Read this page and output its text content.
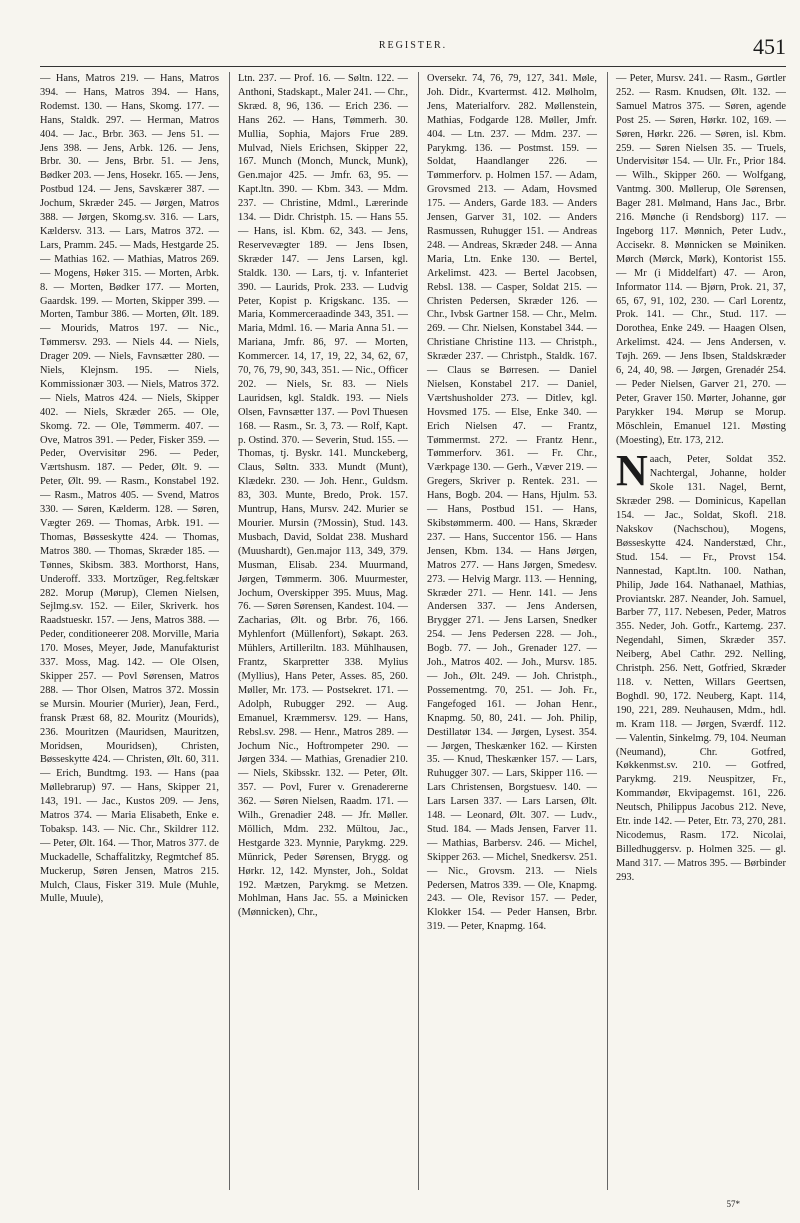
REGISTER.	451

— Hans, Matros 219. — Hans, Matros 394. — Hans, Matros 394. — Hans, Rodemst. 130. — Hans, Skomg. 177. — Hans, Staldk. 297. — Herman, Matros 404. — Jac., Brbr. 363. — Jens 51. — Jens 398. — Jens, Arbk. 126. — Jens, Brbr. 30. — Jens, Brbr. 51. — Jens, Bødker 203. — Jens, Hosekr. 165. — Jens, Postbud 124. — Jens, Savskærer 387. — Jochum, Skræder 245. — Jørgen, Matros 388. — Jørgen, Skomg.sv. 316. — Lars, Kældersv. 313. — Lars, Matros 372. — Lars, Pramm. 245. — Mads, Hestgarde 25. — Mathias 162. — Mathias, Matros 269. — Mogens, Høker 315. — Morten, Arbk. 8. — Morten, Bødker 177. — Morten, Gaardsk. 199. — Morten, Skipper 399. — Morten, Tambur 386. — Morten, Ølt. 189. — Mourids, Matros 197. — Nic., Tømmersv. 293. — Niels 44. — Niels, Drager 209. — Niels, Favnsætter 280. — Niels, Klejnsm. 195. — Niels, Kommissionær 303. — Niels, Matros 372. — Niels, Matros 424. — Niels, Skipper 402. — Niels, Skræder 265. — Ole, Skomg. 72. — Ole, Tømmerm. 407. — Ove, Matros 391. — Peder, Fisker 359. — Peder, Overvisitør 296. — Peder, Værtshusm. 187. — Peder, Ølt. 9. — Peter, Ølt. 99. — Rasm., Konstabel 192. — Rasm., Matros 405. — Svend, Matros 330. — Søren, Kælderm. 128. — Søren, Vægter 269. — Thomas, Arbk. 191. — Thomas, Bøsseskytte 424. — Thomas, Matros 380. — Thomas, Skræder 185. — Tønnes, Skibsm. 383. Morthorst, Hans, Underoff. 333. Mortzūger, Reg.feltskær 282. Morup (Mørup), Clemen Nielsen, Sejlmg.sv. 152. — Eiler, Skriverk. hos Raadstueskr. 157. — Jens, Matros 388. — Peder, conditioneerer 208. Morville, Maria 170. Moses, Meyer, Jøde, Manufakturist 337. Moss, Mag. 142. — Ole Olsen, Skipper 257. — Povl Sørensen, Matros 288. — Thor Olsen, Matros 372. Mossin se Mursin. Mourier (Murier), Jean, Ferd., fransk Præst 68, 82. Mouritz (Mourids), 236. Mouritzen (Mauridsen, Mauritzen, Moridsen, Mouridsen), Christen, Bøsseskytte 424. — Christen, Ølt. 60, 311. — Erich, Bundtmg. 193. — Hans (paa Møllebrarup) 97. — Hans, Skipper 21, 143, 191. — Jac., Kustos 209. — Jens, Matros 374. — Maria Elisabeth, Enke e. Tobaksp. 143. — Nic. Chr., Skildrer 112. — Peter, Ølt. 164. — Thor, Matros 377. de Muckadelle, Schaffalitzky, Regmtchef 85. Muckerup, Søren Jensen, Matros 215. Mulch, Claus, Fisker 319. Mule (Muhle, Mulle, Muule),

Ltn. 237. — Prof. 16. — Søltn. 122. — Anthoni, Stadskapt., Maler 241. — Chr., Skræd. 8, 96, 136. — Erich 236. — Hans 262. — Hans, Tømmerh. 30. Mullia, Sophia, Majors Frue 289. Mulvad, Niels Erichsen, Skipper 22, 167. Munch (Monch, Munck, Munk), Gen.major 425. — Jmfr. 63, 95. — Kapt.ltn. 390. — Kbm. 343. — Mdm. 237. — Christine, Mdml., Lærerinde 134. — Didr. Christph. 15. — Hans 55. — Hans, isl. Kbm. 62, 343. — Jens, Reservevægter 189. — Jens Ibsen, Skræder 147. — Jens Larsen, kgl. Staldk. 130. — Lars, tj. v. Infanteriet 390. — Laurids, Prok. 233. — Ludvig Peter, Kopist p. Krigskanc. 135. — Maria, Kommerceraadinde 343, 351. — Maria, Mdml. 16. — Maria Anna 51. — Mariana, Jmfr. 86, 97. — Morten, Kommercer. 14, 17, 19, 22, 34, 62, 67, 70, 76, 79, 90, 343, 351. — Nic., Officer 202. — Niels, Sr. 83. — Niels Lauridsen, kgl. Staldk. 193. — Niels Olsen, Favnsætter 137. — Povl Thuesen 168. — Rasm., Sr. 3, 73. — Rolf, Kapt. p. Ostind. 370. — Severin, Stud. 155. — Thomas, tj. Byskr. 141. Munckeberg, Claus, Søltn. 333. Mundt (Munt), Klædekr. 230. — Joh. Henr., Guldsm. 83, 303. Munte, Bredo, Prok. 157. Muntrup, Hans, Mursv. 242. Murier se Mourier. Mursin (?Mossin), Stud. 143. Musbach, David, Soldat 238. Mushard (Muushardt), Gen.major 113, 349, 379. Musman, Elisab. 234. Muurmand, Jørgen, Tømmerm. 306. Muurmester, Jochum, Overskipper 395. Muus, Mag. 76. — Søren Sørensen, Kandest. 104. — Zacharias, Ølt. og Brbr. 76, 166. Myhlenfort (Müllenfort), Søkapt. 263. Mühlers, Artilleriltn. 183. Mühlhausen, Frantz, Skarpretter 338. Mylius (Myllius), Hans Peter, Asses. 85, 260. Møller, Mr. 173. — Postsekret. 171. — Adolph, Rubugger 292. — Aug. Emanuel, Kræmmersv. 129. — Hans, Rebsl.sv. 298. — Henr., Matros 289. — Jochum Nic., Hoftrompeter 290. — Jørgen 334. — Mathias, Grenadier 210. — Niels, Skibsskr. 132. — Peter, Ølt. 357. — Povl, Furer v. Grenadererne 362. — Søren Nielsen, Raadm. 171. — Wilh., Grenadier 248. — Jfr. Møller. Möllich, Mdm. 232. Mültou, Jac., Hestgarde 323. Mynnie, Parykmg. 229. Münrick, Peder Sørensen, Brygg. og Hørkr. 12, 142. Mynster, Joh., Soldat 192. Mætzen, Parykmg. se Metzen. Mohlman, Hans Jac. 55. a Møinicken (Mønnicken), Chr.,

Oversekr. 74, 76, 79, 127, 341. Møle, Joh. Didr., Kvartermst. 412. Mølholm, Jens, Materialforv. 282. Møllenstein, Mathias, Fodgarde 128. Møller, Jmfr. 404. — Ltn. 237. — Mdm. 237. — Parykmg. 136. — Postmst. 159. — Soldat, Haandlanger 226. — Tømmerforv. p. Holmen 157. — Adam, Grovsmed 213. — Adam, Hovsmed 175. — Anders, Garde 183. — Anders Jensen, Garver 31, 102. — Anders Rasmussen, Ruhugger 151. — Andreas 248. — Andreas, Skræder 248. — Anna Maria, Ltn. Enke 130. — Bertel, Arkelimst. 423. — Bertel Jacobsen, Rebsl. 138. — Casper, Soldat 215. — Christen Pedersen, Skræder 126. — Chr., Ivbsk Gartner 158. — Chr., Melm. 269. — Chr. Nielsen, Konstabel 344. — Christiane Christine 113. — Christph., Skræder 237. — Christph., Staldk. 167. — Claus se Børresen. — Daniel Nielsen, Konstabel 217. — Daniel, Værtshusholder 273. — Ditlev, kgl. Hovsmed 175. — Else, Enke 340. — Erich Nielsen 47. — Frantz, Tømmermst. 272. — Frantz Henr., Tømmerforv. 361. — Fr. Chr., Værkpage 130. — Gerh., Væver 219. — Gregers, Skriver p. Rentek. 231. — Hans, Bogb. 204. — Hans, Hjulm. 53. — Hans, Postbud 151. — Hans, Skibstømmerm. 400. — Hans, Skræder 237. — Hans, Succentor 156. — Hans Jensen, Kbm. 134. — Hans Jørgen, Matros 277. — Hans Jørgen, Smedesv. 273. — Helvig Margr. 113. — Henning, Skræder 271. — Henr. 141. — Jens Andersen 337. — Jens Andersen, Brygger 271. — Jens Larsen, Snedker 254. — Jens Pedersen 228. — Joh., Bogb. 77. — Joh., Grenader 127. — Joh., Matros 402. — Joh., Mursv. 185. — Joh., Ølt. 249. — Joh. Christph., Possementmg. 70, 251. — Joh. Fr., Fangefoged 161. — Johan Henr., Knapmg. 50, 80, 241. — Joh. Philip, Destillatør 134. — Jørgen, Lysest. 354. — Jørgen, Theskænker 162. — Kirsten 35. — Knud, Theskænker 157. — Lars, Ruhugger 307. — Lars, Skipper 116. — Lars Christensen, Borgstuesv. 140. — Lars Larsen 337. — Lars Larsen, Ølt. 148. — Leonard, Ølt. 307. — Ludv., Stud. 184. — Mads Jensen, Farver 11. — Mathias, Barbersv. 246. — Michel, Skipper 263. — Michel, Snedkersv. 251. — Nic., Grovsm. 213. — Niels Pedersen, Matros 339. — Ole, Knapmg. 243. — Ole, Revisor 157. — Peder, Klokker 154. — Peder Hansen, Brbr. 319. — Peter, Knapmg. 164.

— Peter, Mursv. 241. — Rasm., Gørtler 252. — Rasm. Knudsen, Ølt. 132. — Samuel Matros 375. — Søren, agende Post 25. — Søren, Hørkr. 102, 169. — Søren, Hørkr. 226. — Søren, isl. Kbm. 259. — Søren Nielsen 35. — Truels, Undervisitør 154. — Ulr. Fr., Prior 184. — Wilh., Skipper 260. — Wolfgang, Vantmg. 300. Møllerup, Ole Sørensen, Bager 281. Mølmand, Hans Jac., Brbr. 216. Mønche (i Rendsborg) 117. — Ingeborg 117. Mønnich, Peter Ludv., Accisekr. 8. Mønnicken se Møiniken. Mørch (Mørck, Mørk), Kontorist 155. — Mr (i Middelfart) 47. — Aron, Informator 114. — Bjørn, Prok. 21, 37, 65, 67, 91, 102, 230. — Carl Lorentz, Prok. 141. — Chr., Stud. 117. — Dorothea, Enke 249. — Haagen Olsen, Arkelimst. 424. — Jens Andersen, v. Tøjh. 269. — Jens Ibsen, Staldskræder 6, 24, 40, 98. — Jørgen, Grenadér 254. — Peder Nielsen, Garver 21, 270. — Peter, Graver 150. Mørter, Johanne, gør Parykker 194. Mørup se Morup. Möschlein, Emanuel 121. Møsting (Moesting), Etr. 173, 212.

N aach, Peter, Soldat 352. Nachtergal, Johanne, holder Skole 131. Nagel, Bernt, Skræder 298. — Dominicus, Kapellan 154. — Jac., Soldat, Skofl. 218. Nakskov (Nachschou), Mogens, Bøsseskytte 424. Nanderstæd, Chr., Stud. 154. — Fr., Provst 154. Nannestad, Kapt.ltn. 100. Nathan, Philip, Jøde 164. Nathanael, Mathias, Proviantskr. 287. Neander, Joh. Samuel, Barber 77, 117. Nebesen, Peder, Matros 355. Neder, Joh. Gotfr., Kartemg. 237. Negendahl, Simen, Skræder 357. Neiberg, Abel Cathr. 292. Nelling, Christph. 256. Nett, Gotfried, Skræder 118. v. Netten, Willars Geertsen, Boghdl. 90, 172. Neuberg, Kapt. 114, 190, 221, 289. Neuhausen, Mdm., hdl. m. Kram 118. — Jørgen, Sværdf. 112. — Valentin, Sinkelmg. 79, 104. Neuman (Neumand), Chr. Gotfred, Køkkenmst.sv. 210. — Gotfred, Parykmg. 219. Neuspitzer, Fr., Kommandør, Ekvipagemst. 161, 226. Neutsch, Philippus Jacobus 212. Neve, Etr. inde 142. — Peter, Etr. 73, 270, 281. Nicodemus, Rasm. 172. Nicolai, Billedhuggersv. p. Holmen 325. — gl. Mand 317. — Matros 395. — Børbinder 293.
57*
